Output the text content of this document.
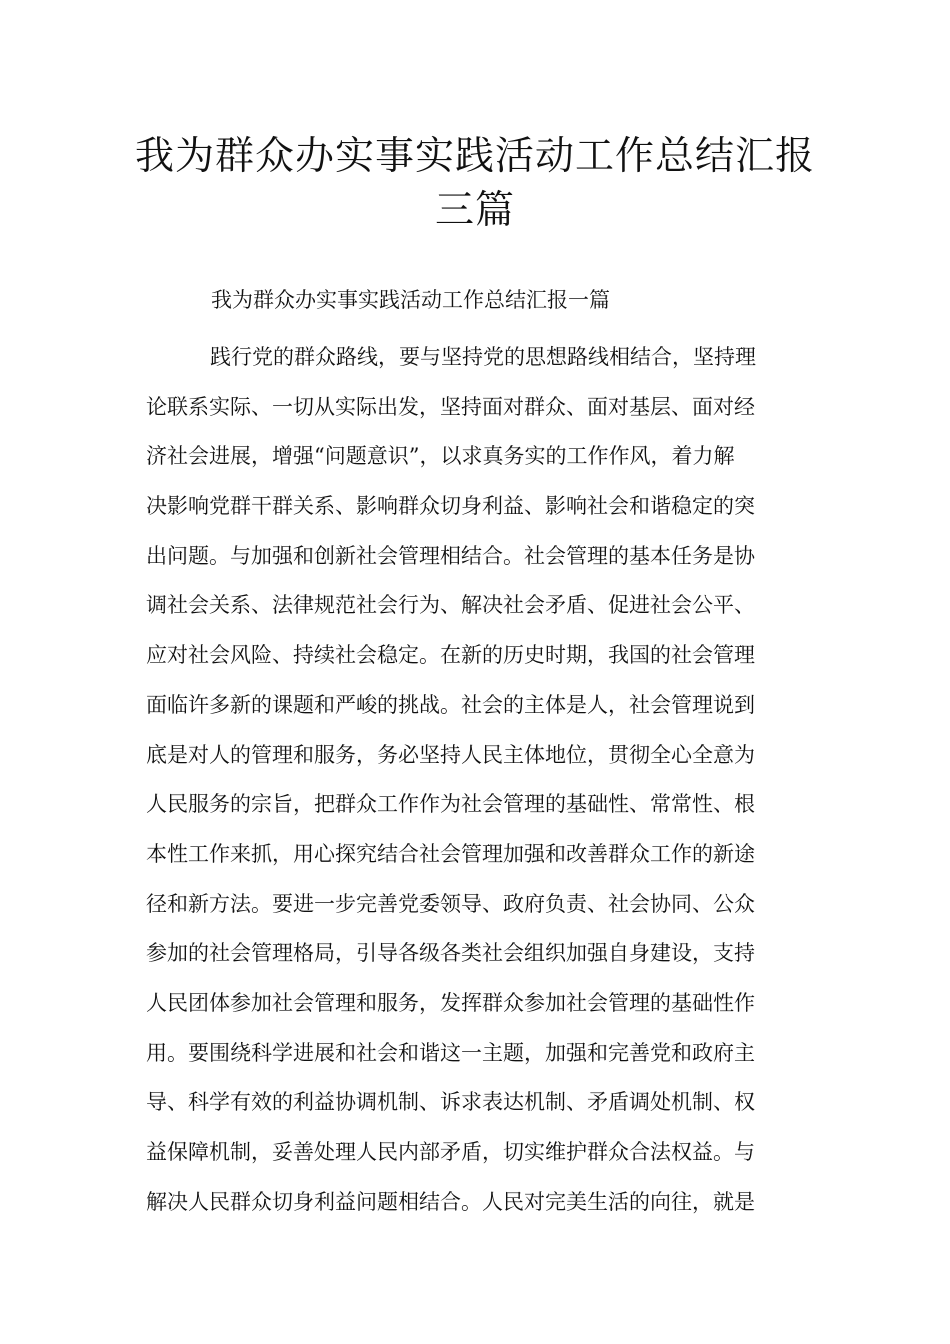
我为群众办实事实践活动工作总结汇报
三篇

我为群众办实事实践活动工作总结汇报一篇

践行党的群众路线，要与坚持党的思想路线相结合，坚持理
论联系实际、一切从实际出发，坚持面对群众、面对基层、面对经
济社会进展，增强“问题意识”，以求真务实的工作作风，着力解
决影响党群干群关系、影响群众切身利益、影响社会和谐稳定的突
出问题。与加强和创新社会管理相结合。社会管理的基本任务是协
调社会关系、法律规范社会行为、解决社会矛盾、促进社会公平、
应对社会风险、持续社会稳定。在新的历史时期，我国的社会管理
面临许多新的课题和严峻的挑战。社会的主体是人，社会管理说到
底是对人的管理和服务，务必坚持人民主体地位，贯彻全心全意为
人民服务的宗旨，把群众工作作为社会管理的基础性、常常性、根
本性工作来抓，用心探究结合社会管理加强和改善群众工作的新途
径和新方法。要进一步完善党委领导、政府负责、社会协同、公众
参加的社会管理格局，引导各级各类社会组织加强自身建设，支持
人民团体参加社会管理和服务，发挥群众参加社会管理的基础性作
用。要围绕科学进展和社会和谐这一主题，加强和完善党和政府主
导、科学有效的利益协调机制、诉求表达机制、矛盾调处机制、权
益保障机制，妥善处理人民内部矛盾，切实维护群众合法权益。与
解决人民群众切身利益问题相结合。人民对完美生活的向往，就是
